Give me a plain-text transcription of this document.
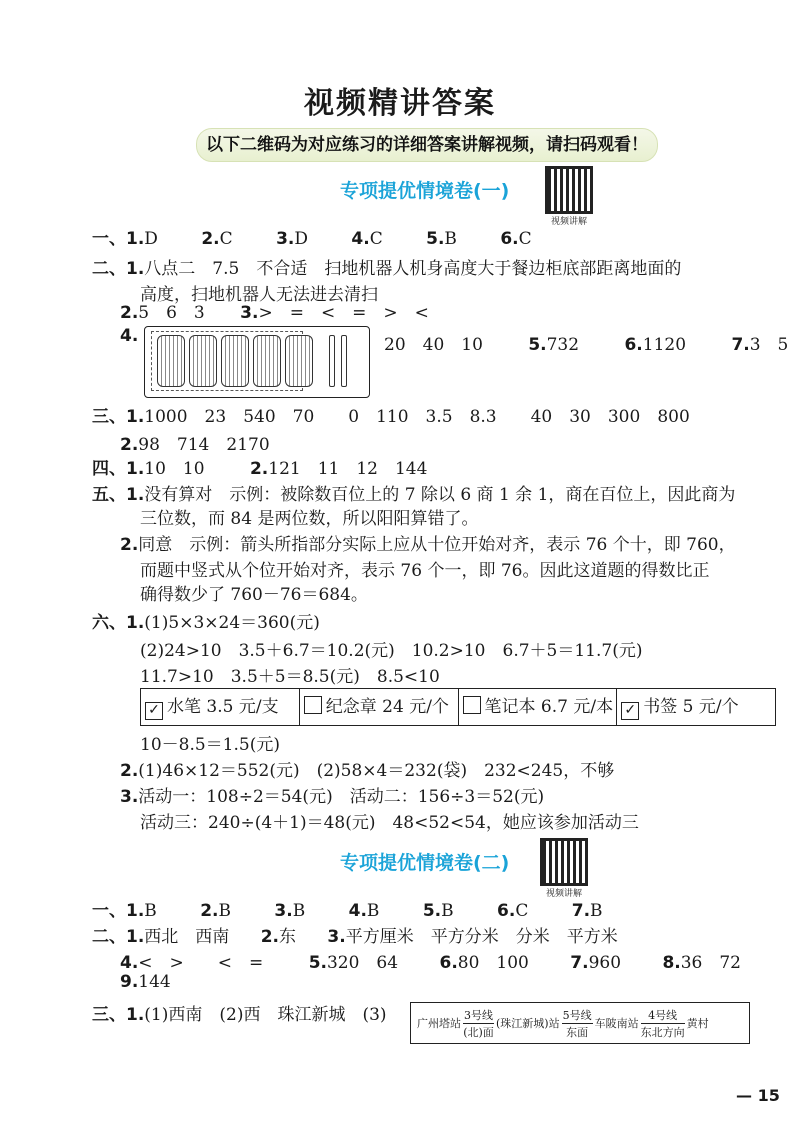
视频精讲答案
以下二维码为对应练习的详细答案讲解视频，请扫码观看！
专项提优情境卷(一)
视频讲解
一、1.D	2.C	3.D	4.C	5.B	6.C
二、1.八点二　7.5　不合适　扫地机器人机身高度大于餐边柜底部距离地面的
高度，扫地机器人无法进去清扫
2.5　6　3 3.>　=　<　=　>　<
4.	20　40　10	5.732	6.1120	7.3　5
三、1.1000　23　540　70　　0　110　3.5　8.3　　40　30　300　800
2.98　714　2170
四、1.10　10	2.121　11　12　144
五、1.没有算对　示例：被除数百位上的 7 除以 6 商 1 余 1，商在百位上，因此商为
三位数，而 84 是两位数，所以阳阳算错了。
2.同意　示例：箭头所指部分实际上应从十位开始对齐，表示 76 个十，即 760，
而题中竖式从个位开始对齐，表示 76 个一，即 76。因此这道题的得数比正
确得数少了 760－76＝684。
六、1.(1)5×3×24＝360(元)
(2)24>10　3.5＋6.7＝10.2(元)　10.2>10　6.7＋5＝11.7(元)
11.7>10　3.5＋5＝8.5(元)　8.5<10
✓ 水笔 3.5 元/支	纪念章 24 元/个	笔记本 6.7 元/本 ✓ 书签 5 元/个
10－8.5＝1.5(元)
2.(1)46×12＝552(元)　(2)58×4＝232(袋)　232<245，不够
3.活动一：108÷2＝54(元)　活动二：156÷3＝52(元)
活动三：240÷(4＋1)＝48(元)　48<52<54，她应该参加活动三
专项提优情境卷(二)
视频讲解
一、1.B	2.B	3.B	4.B	5.B	6.C	7.B
二、1.西北　西南 2.东 3.平方厘米　平方分米　分米　平方米
4.<　>　　<　=	5.320　64 6.80　100 7.960 8.36　72
9.144
三、1.(1)西南　(2)西　珠江新城　(3)	广州塔站 $\frac{\text{3号线}}{\text{(北)面}}$ (珠江新城)站 $\frac{\text{5号线}}{\text{东面}}$ 车陂南站 $\frac{\text{4号线}}{\text{东北方向}}$ 黄村
— 15
